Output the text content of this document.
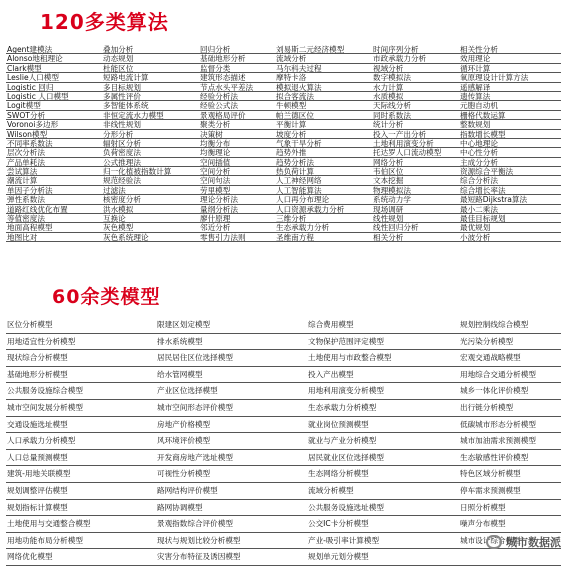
120多类算法
Agent建模法	叠加分析	回归分析	刘易斯二元经济模型	时间序列分析	相关性分析
Alonso地租理论	动态规划	基础地形分析	流域分析	市政承载力分析	效用理论
Clark模型	杜能区位	监督分类	马尔科夫过程	视域分析	循环计算
Leslie人口模型	短路电流计算	建筑形态描述	摩特卡洛	数字模拟法	氧原理设计计算方法
Logistic 回归	多目标规划	节点水头平差法	模拟退火算法	水力计算	遥感解译
Logistic 人口模型	多属性评价	经验分析法	拟合客流法	水质模拟	遗传算法
Logit模型	多智能体系统	经验公式法	牛顿模型	天际线分析	元胞自动机
SWOT分析	非恒定流水力模型	景观格局评价	帕兰德区位	同时系数法	栅格代数运算
Voronoi多边形	非线性规划	聚类分析	平衡计算	统计分析	整数规划
Wilson模型	分形分析	决策树	坡度分析	投入一产出分析	指数增长模型
不同率系数法	辐射区分析	均衡分布	气象干旱分析	土地利用演变分析	中心地理论
层次分析法	负荷密度法	均衡理论	趋势外推	托达罗人口流动模型	中心性分析
产品单耗法	公式推理法	空间插值	趋势分析法	网络分析	主成分分析
尝试算法	归一化植被指数计算	空间分析	热负荷计算	韦伯区位	资源综合平衡法
潮流计算	规范经验法	空间句法	人工神经网络	文本挖掘	综合分析法
单因子分析法	过滤法	劳里模型	人工智能算法	物理模拟法	综合增长率法
弹性系数法	核密度分析	理论分析法	人口再分布理论	系统动力学	最短路Dijkstra算法
道路红线优化布置	洪水模拟	量纲分析法	人口资源承载力分析	现场调研	最小二乘法
等值密度法	互换论	廖什原理	三维分析	线性规划	最佳目标规划
地面高程模型	灰色模型	邻近分析	生态承载力分析	线性回归分析	最优规划
地图比对	灰色系统理论	零售引力法则	圣维南方程	相关分析	小波分析
60余类模型
区位分析模型	限建区划定模型	综合费用模型	规划控制线综合模型
用地适宜性分析模型	排水系统模型	文物保护范围评定模型	光污染分析模型
现状综合分析模型	居民居住区位选择模型	土地使用与市政整合模型	宏观交通战略模型
基础地形分析模型	给水管网模型	投入产出模型	用地综合交通分析模型
公共服务设施综合模型	产业区位选择模型	用地利用演变分析模型	城乡一体化评价模型
城市空间发展分析模型	城市空间形态评价模型	生态承载力分析模型	出行链分析模型
交通设施选址模型	房地产价格模型	就业岗位预测模型	低碳城市形态分析模型
人口承载力分析模型	风环境评价模型	就业与产业分析模型	城市加油需求预测模型
人口总量预测模型	开发商房地产选址模型	居民就业区位选择模型	生态敏感性评价模型
建筑-用地关联模型	可视性分析模型	生态网络分析模型	特色区域分析模型
规划调整评估模型	路网结构评价模型	流域分析模型	停车需求预测模型
规划指标计算模型	路网协调模型	公共服务设施选址模型	日照分析模型
土地使用与交通整合模型	景观指数综合评价模型	公交IC卡分析模型	噪声分布模型
用地功能布局分析模型	现状与规划比较分析模型	产业-吸引率计算模型	城市设计综合模型
网络优化模型	灾害分布特征及诱因模型	规划单元划分模型
城市数据派
